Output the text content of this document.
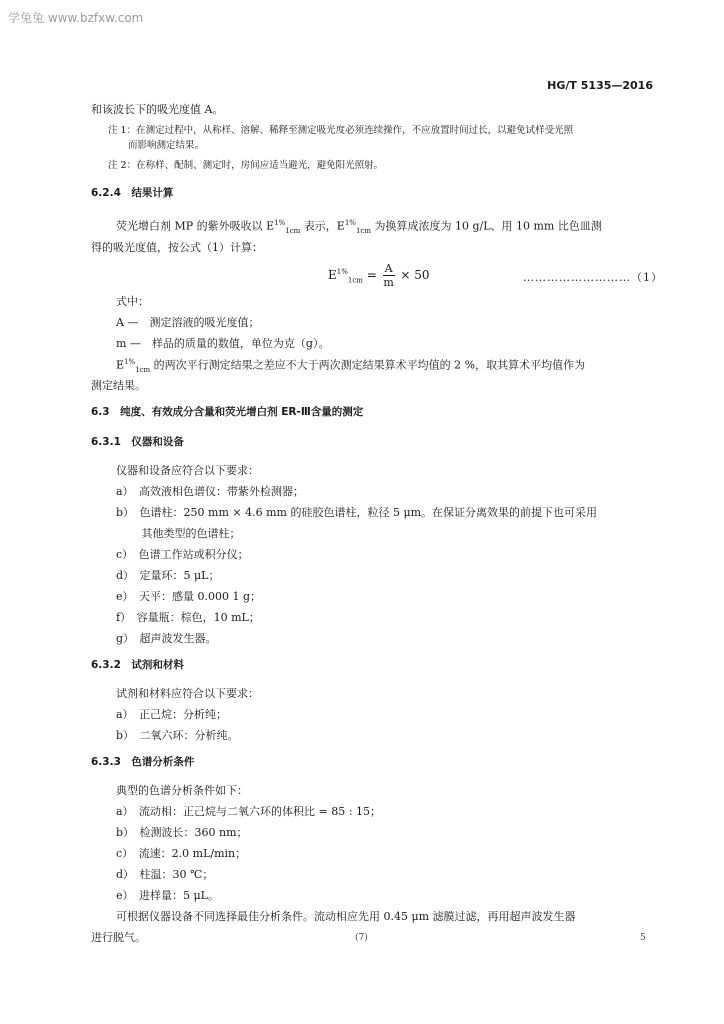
学兔兔 www.bzfxw.com
HG/T 5135—2016
和该波长下的吸光度值 A。
注 1：在测定过程中，从称样、溶解、稀释至测定吸光度必须连续操作，不应放置时间过长，以避免试样受光照
而影响测定结果。
注 2：在称样、配制、测定时，房间应适当避光，避免阳光照射。
6.2.4　结果计算
荧光增白剂 MP 的紫外吸收以 $E^{1\%}_{1cm}$ 表示，$E^{1\%}_{1cm}$ 为换算成浓度为 10 g/L、用 10 mm 比色皿测
得的吸光度值，按公式（1）计算：
$E^{1\%}_{1cm} = \frac{A}{m} \times 50$	………………………（1）
式中：
A —　测定溶液的吸光度值；
m —　样品的质量的数值，单位为克（g）。
$E^{1\%}_{1cm}$ 的两次平行测定结果之差应不大于两次测定结果算术平均值的 2 %，取其算术平均值作为
测定结果。
6.3　纯度、有效成分含量和荧光增白剂 ER-Ⅲ含量的测定
6.3.1　仪器和设备
仪器和设备应符合以下要求：
a）　高效液相色谱仪：带紫外检测器；
b）　色谱柱：250 mm × 4.6 mm 的硅胶色谱柱，粒径 5 μm。在保证分离效果的前提下也可采用
　　 其他类型的色谱柱；
c）　色谱工作站或积分仪；
d）　定量环：5 μL；
e）　天平：感量 0.000 1 g；
f）　容量瓶：棕色，10 mL；
g）　超声波发生器。
6.3.2　试剂和材料
试剂和材料应符合以下要求：
a）　正己烷：分析纯；
b）　二氧六环：分析纯。
6.3.3　色谱分析条件
典型的色谱分析条件如下：
a）　流动相：正己烷与二氧六环的体积比 = 85 : 15；
b）　检测波长：360 nm；
c）　流速：2.0 mL/min；
d）　柱温：30 ℃；
e）　进样量：5 μL。
可根据仪器设备不同选择最佳分析条件。流动相应先用 0.45 μm 滤膜过滤，再用超声波发生器
进行脱气。	(7)	5
